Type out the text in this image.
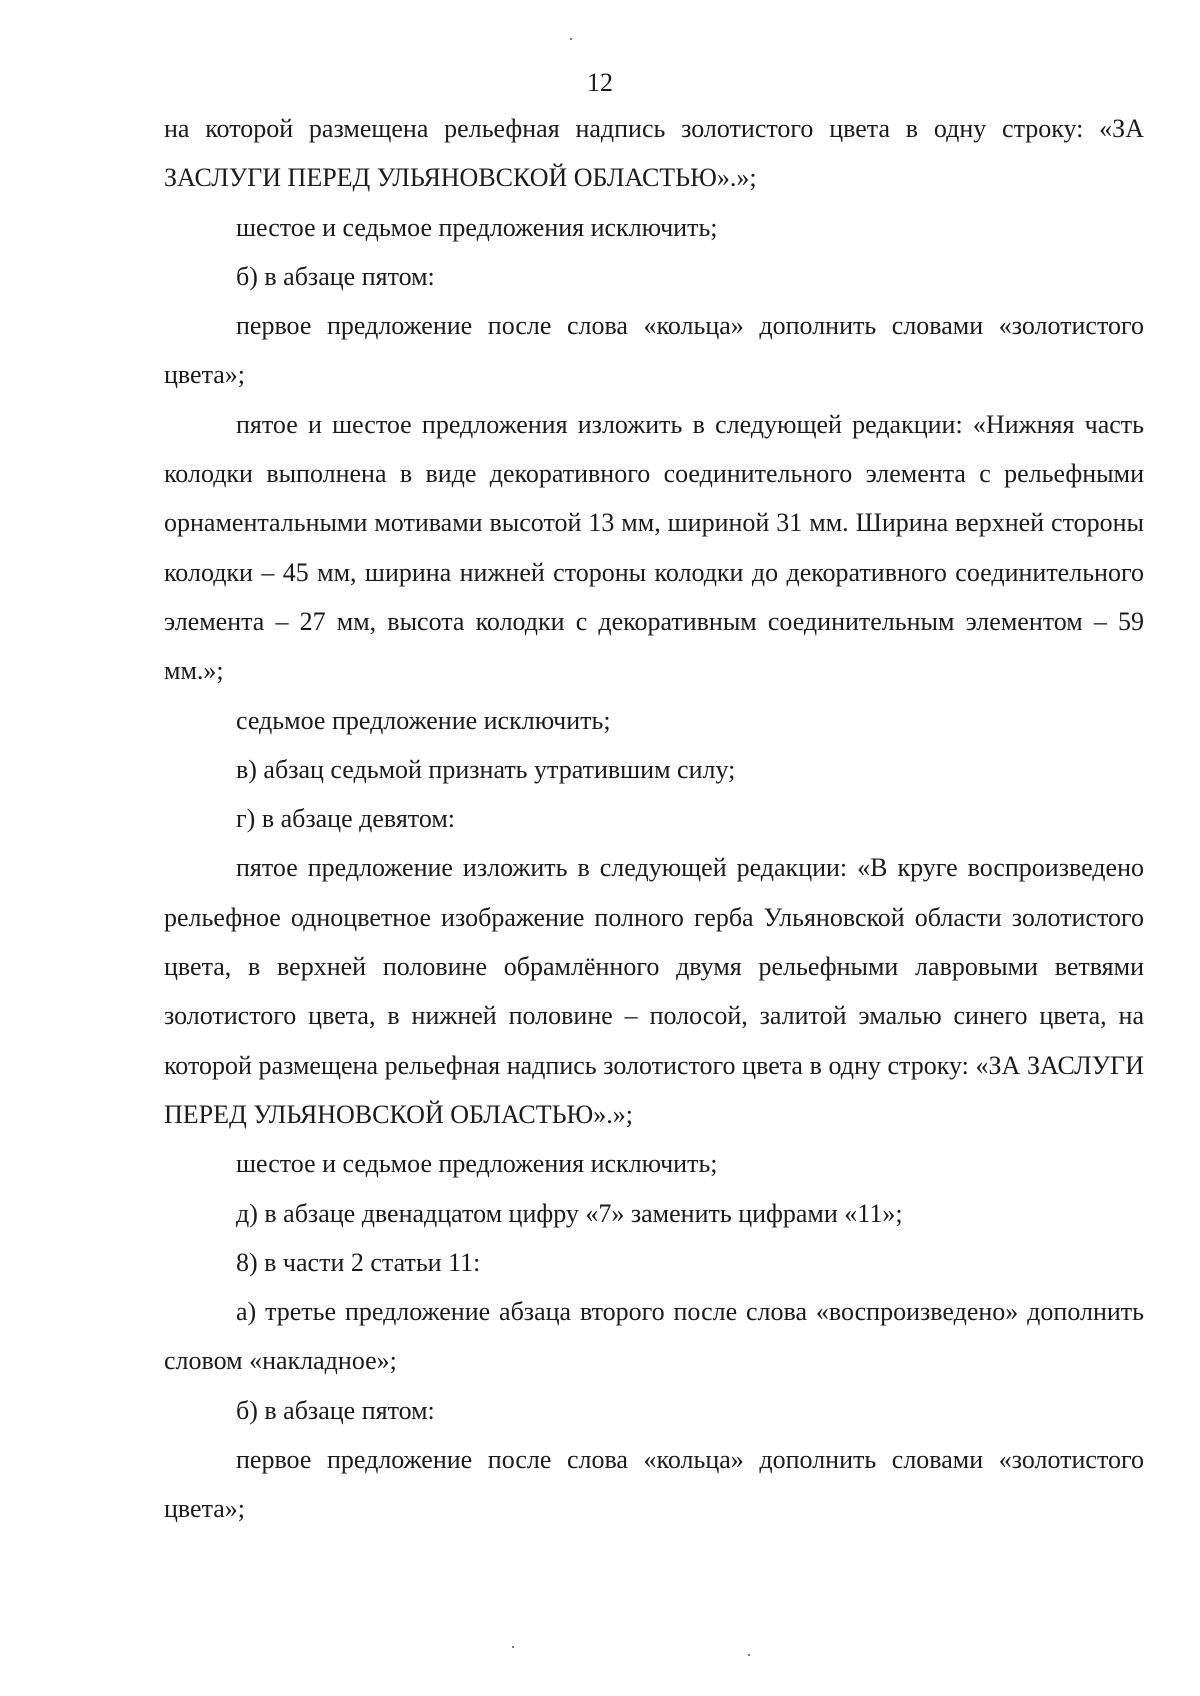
12

на которой размещена рельефная надпись золотистого цвета в одну строку: «ЗА ЗАСЛУГИ ПЕРЕД УЛЬЯНОВСКОЙ ОБЛАСТЬЮ».»;

шестое и седьмое предложения исключить;

б) в абзаце пятом:

первое предложение после слова «кольца» дополнить словами «золотистого цвета»;

пятое и шестое предложения изложить в следующей редакции: «Нижняя часть колодки выполнена в виде декоративного соединительного элемента с рельефными орнаментальными мотивами высотой 13 мм, шириной 31 мм. Ширина верхней стороны колодки – 45 мм, ширина нижней стороны колодки до декоративного соединительного элемента – 27 мм, высота колодки с декоративным соединительным элементом – 59 мм.»;

седьмое предложение исключить;

в) абзац седьмой признать утратившим силу;

г) в абзаце девятом:

пятое предложение изложить в следующей редакции: «В круге воспроизведено рельефное одноцветное изображение полного герба Ульяновской области золотистого цвета, в верхней половине обрамлённого двумя рельефными лавровыми ветвями золотистого цвета, в нижней половине – полосой, залитой эмалью синего цвета, на которой размещена рельефная надпись золотистого цвета в одну строку: «ЗА ЗАСЛУГИ ПЕРЕД УЛЬЯНОВСКОЙ ОБЛАСТЬЮ».»;

шестое и седьмое предложения исключить;

д) в абзаце двенадцатом цифру «7» заменить цифрами «11»;

8) в части 2 статьи 11:

а) третье предложение абзаца второго после слова «воспроизведено» дополнить словом «накладное»;

б) в абзаце пятом:

первое предложение после слова «кольца» дополнить словами «золотистого цвета»;
